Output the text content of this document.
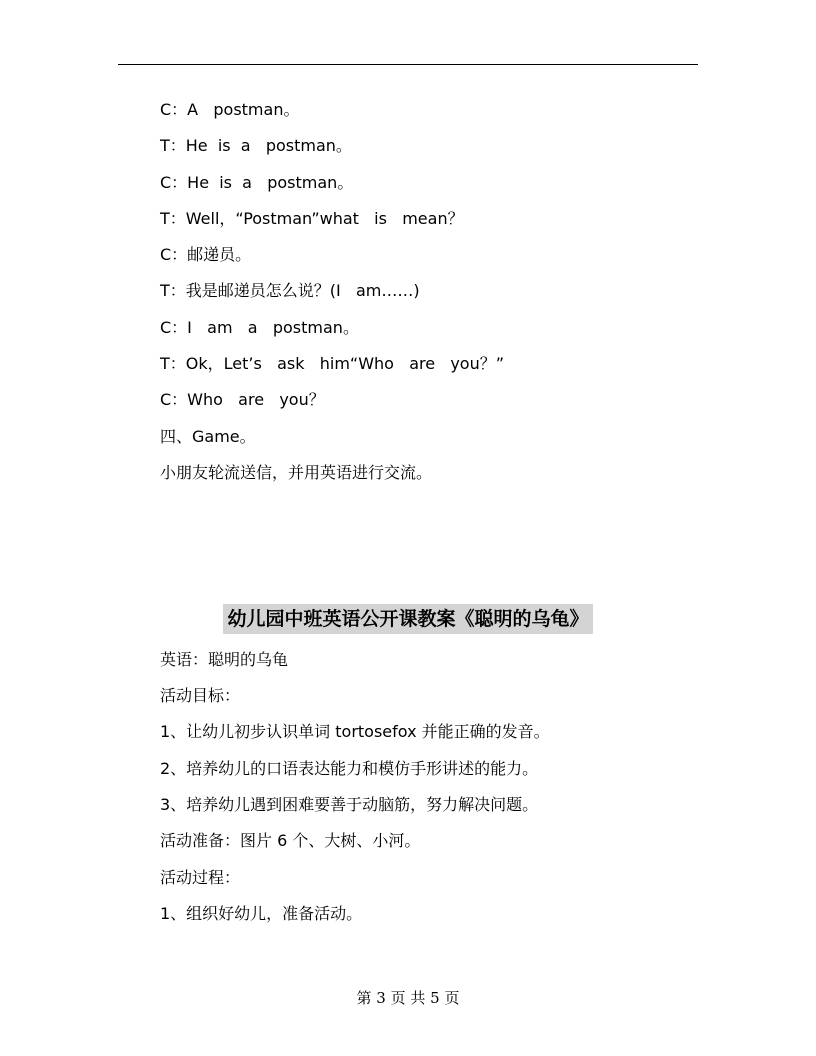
C：A   postman。
T：He  is  a   postman。
C：He  is  a   postman。
T：Well，“Postman”what   is   mean？
C：邮递员。
T：我是邮递员怎么说？(I   am……)
C：I   am   a   postman。
T：Ok，Let’s   ask   him“Who   are   you？”
C：Who   are   you？
四、Game。
小朋友轮流送信，并用英语进行交流。
幼儿园中班英语公开课教案《聪明的乌龟》
英语：聪明的乌龟
活动目标：
1、让幼儿初步认识单词 tortosefox 并能正确的发音。
2、培养幼儿的口语表达能力和模仿手形讲述的能力。
3、培养幼儿遇到困难要善于动脑筋，努力解决问题。
活动准备：图片 6 个、大树、小河。
活动过程：
1、组织好幼儿，准备活动。
第 3 页 共 5 页
